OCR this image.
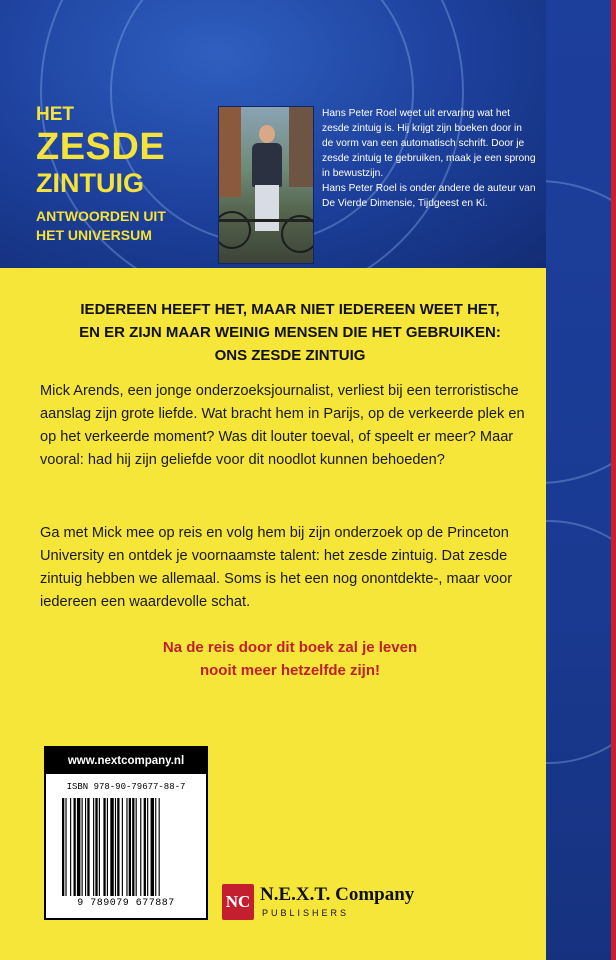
HET
ZESDE
ZINTUIG
ANTWOORDEN UIT HET UNIVERSUM

Hans Peter Roel weet uit ervaring wat het zesde zintuig is. Hij krijgt zijn boeken door in de vorm van een automatisch schrift. Door je zesde zintuig te gebruiken, maak je een sprong in bewustzijn.

Hans Peter Roel is onder andere de auteur van De Vierde Dimensie, Tijdgeest en Ki.

IEDEREEN HEEFT HET, MAAR NIET IEDEREEN WEET HET,
EN ER ZIJN MAAR WEINIG MENSEN DIE HET GEBRUIKEN:
ONS ZESDE ZINTUIG

Mick Arends, een jonge onderzoeksjournalist, verliest bij een terroristische aanslag zijn grote liefde. Wat bracht hem in Parijs, op de verkeerde plek en op het verkeerde moment? Was dit louter toeval, of speelt er meer? Maar vooral: had hij zijn geliefde voor dit noodlot kunnen behoeden?

Ga met Mick mee op reis en volg hem bij zijn onderzoek op de Princeton University en ontdek je voornaamste talent: het zesde zintuig. Dat zesde zintuig hebben we allemaal. Soms is het een nog onontdekte-, maar voor iedereen een waardevolle schat.

Na de reis door dit boek zal je leven
nooit meer hetzelfde zijn!
www.nextcompany.nl
ISBN 978-90-79677-88-7
9 789079 677887	NC N.E.X.T. Company
PUBLISHERS
